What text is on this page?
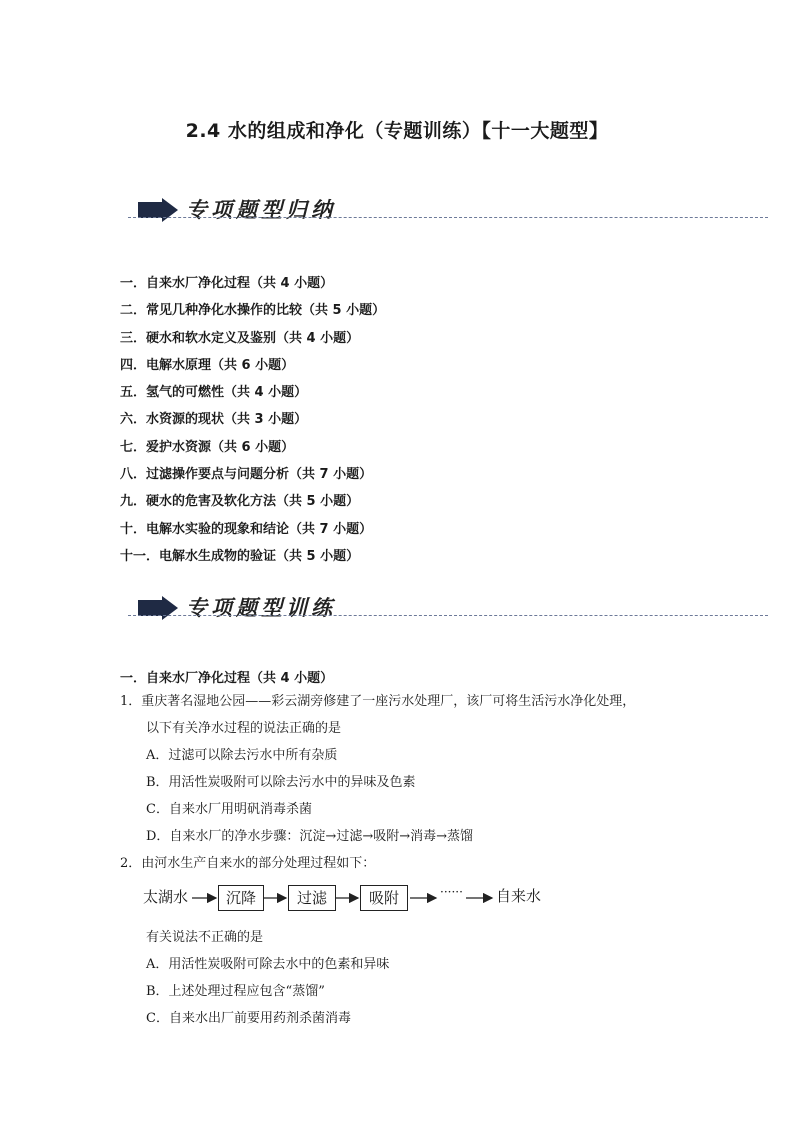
2.4 水的组成和净化（专题训练）【十一大题型】
专项题型归纳
一．自来水厂净化过程（共 4 小题）
二．常见几种净化水操作的比较（共 5 小题）
三．硬水和软水定义及鉴别（共 4 小题）
四．电解水原理（共 6 小题）
五．氢气的可燃性（共 4 小题）
六．水资源的现状（共 3 小题）
七．爱护水资源（共 6 小题）
八．过滤操作要点与问题分析（共 7 小题）
九．硬水的危害及软化方法（共 5 小题）
十．电解水实验的现象和结论（共 7 小题）
十一．电解水生成物的验证（共 5 小题）
专项题型训练
一．自来水厂净化过程（共 4 小题）
1．重庆著名湿地公园——彩云湖旁修建了一座污水处理厂，该厂可将生活污水净化处理，
以下有关净水过程的说法正确的是
A．过滤可以除去污水中所有杂质
B．用活性炭吸附可以除去污水中的异味及色素
C．自来水厂用明矾消毒杀菌
D．自来水厂的净水步骤：沉淀→过滤→吸附→消毒→蒸馏
2．由河水生产自来水的部分处理过程如下：
太湖水	沉降	过滤	吸附	······ 自来水
有关说法不正确的是
A．用活性炭吸附可除去水中的色素和异味
B．上述处理过程应包含“蒸馏”
C．自来水出厂前要用药剂杀菌消毒
